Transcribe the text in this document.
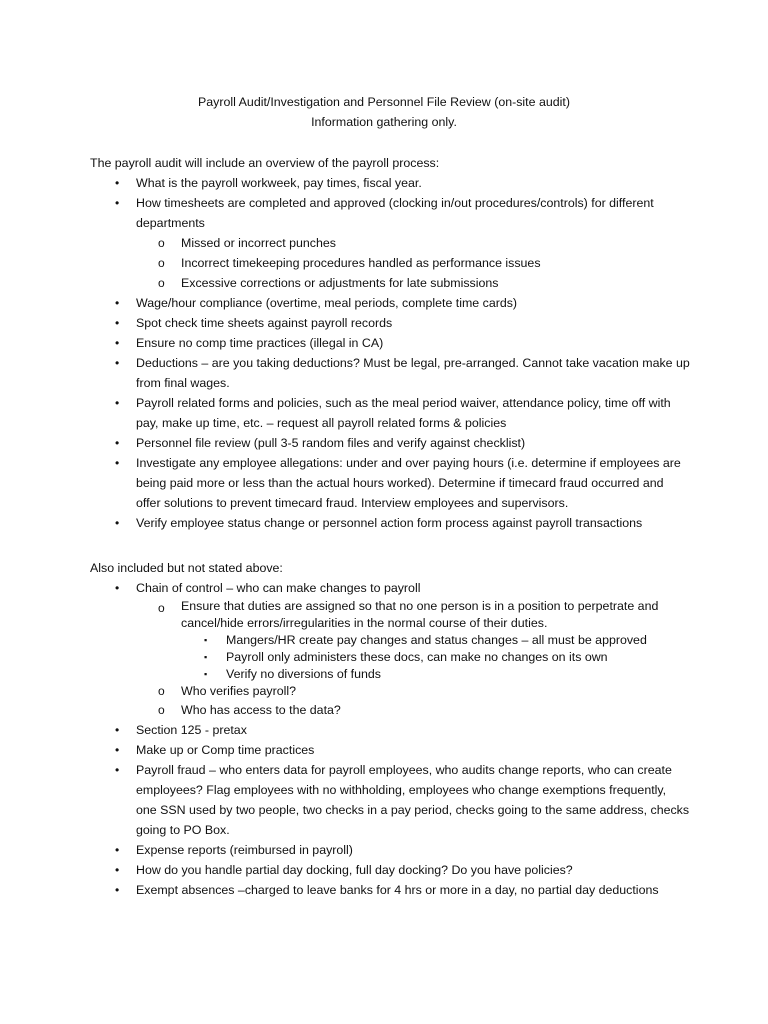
Payroll Audit/Investigation and Personnel File Review (on-site audit)
Information gathering only.
The payroll audit will include an overview of the payroll process:
• What is the payroll workweek, pay times, fiscal year.
• How timesheets are completed and approved (clocking in/out procedures/controls) for different departments
o Missed or incorrect punches
o Incorrect timekeeping procedures handled as performance issues
o Excessive corrections or adjustments for late submissions
• Wage/hour compliance (overtime, meal periods, complete time cards)
• Spot check time sheets against payroll records
• Ensure no comp time practices (illegal in CA)
• Deductions – are you taking deductions? Must be legal, pre-arranged. Cannot take vacation make up from final wages.
• Payroll related forms and policies, such as the meal period waiver, attendance policy, time off with pay, make up time, etc. – request all payroll related forms & policies
• Personnel file review (pull 3-5 random files and verify against checklist)
• Investigate any employee allegations: under and over paying hours (i.e. determine if employees are being paid more or less than the actual hours worked). Determine if timecard fraud occurred and offer solutions to prevent timecard fraud. Interview employees and supervisors.
• Verify employee status change or personnel action form process against payroll transactions
Also included but not stated above:
• Chain of control – who can make changes to payroll
o Ensure that duties are assigned so that no one person is in a position to perpetrate and cancel/hide errors/irregularities in the normal course of their duties.
▪ Mangers/HR create pay changes and status changes – all must be approved
▪ Payroll only administers these docs, can make no changes on its own
▪ Verify no diversions of funds
o Who verifies payroll?
o Who has access to the data?
• Section 125 - pretax
• Make up or Comp time practices
• Payroll fraud – who enters data for payroll employees, who audits change reports, who can create employees? Flag employees with no withholding, employees who change exemptions frequently, one SSN used by two people, two checks in a pay period, checks going to the same address, checks going to PO Box.
• Expense reports (reimbursed in payroll)
• How do you handle partial day docking, full day docking? Do you have policies?
• Exempt absences –charged to leave banks for 4 hrs or more in a day, no partial day deductions
